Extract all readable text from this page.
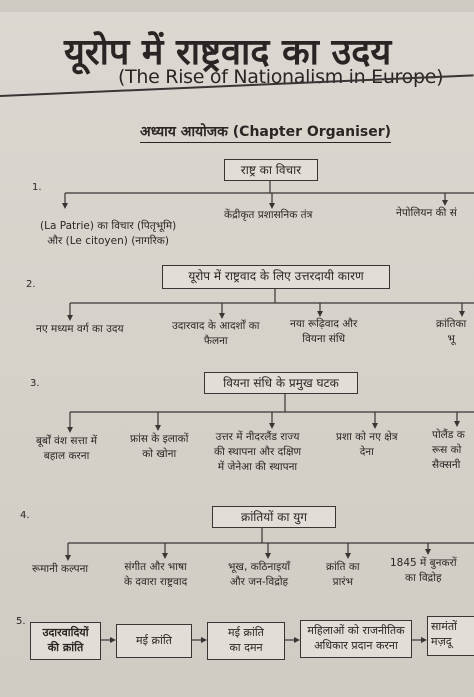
यूरोप में राष्ट्रवाद का उदय
(The Rise of Nationalism in Europe)
अध्याय आयोजक (Chapter Organiser)
1.
राष्ट्र का विचार
(La Patrie) का विचार (पितृभूमि)
और (Le citoyen) (नागरिक)
केंद्रीकृत प्रशासनिक तंत्र	नेपोलियन की सं
2.
यूरोप में राष्ट्रवाद के लिए उत्तरदायी कारण
नए मध्यम वर्ग का उदय	उदारवाद के आदर्शों का
फैलना
नया रूढ़िवाद और
वियना संधि
क्रांतिका
भू
3.	वियना संधि के प्रमुख घटक
बूर्बों वंश सत्ता में
बहाल करना
फ्रांस के इलाकों
को खोना
उत्तर में नीदरलैंड राज्य
की स्थापना और दक्षिण
में जेनेआ की स्थापना
प्रशा को नए क्षेत्र
देना
पोलैंड क
रूस को
सैक्सनी
4.	क्रांतियों का युग
रूमानी कल्पना	संगीत और भाषा
के दवारा राष्ट्रवाद
भूख, कठिनाइयाँ
और जन-विद्रोह
क्रांति का
प्रारंभ
1845 में बुनकरों
का विद्रोह
5.
उदारवादियों
की क्रांति
मई क्रांति
मई क्रांति
का दमन
महिलाओं को राजनीतिक
अधिकार प्रदान करना
सामंतों
मज़दू
